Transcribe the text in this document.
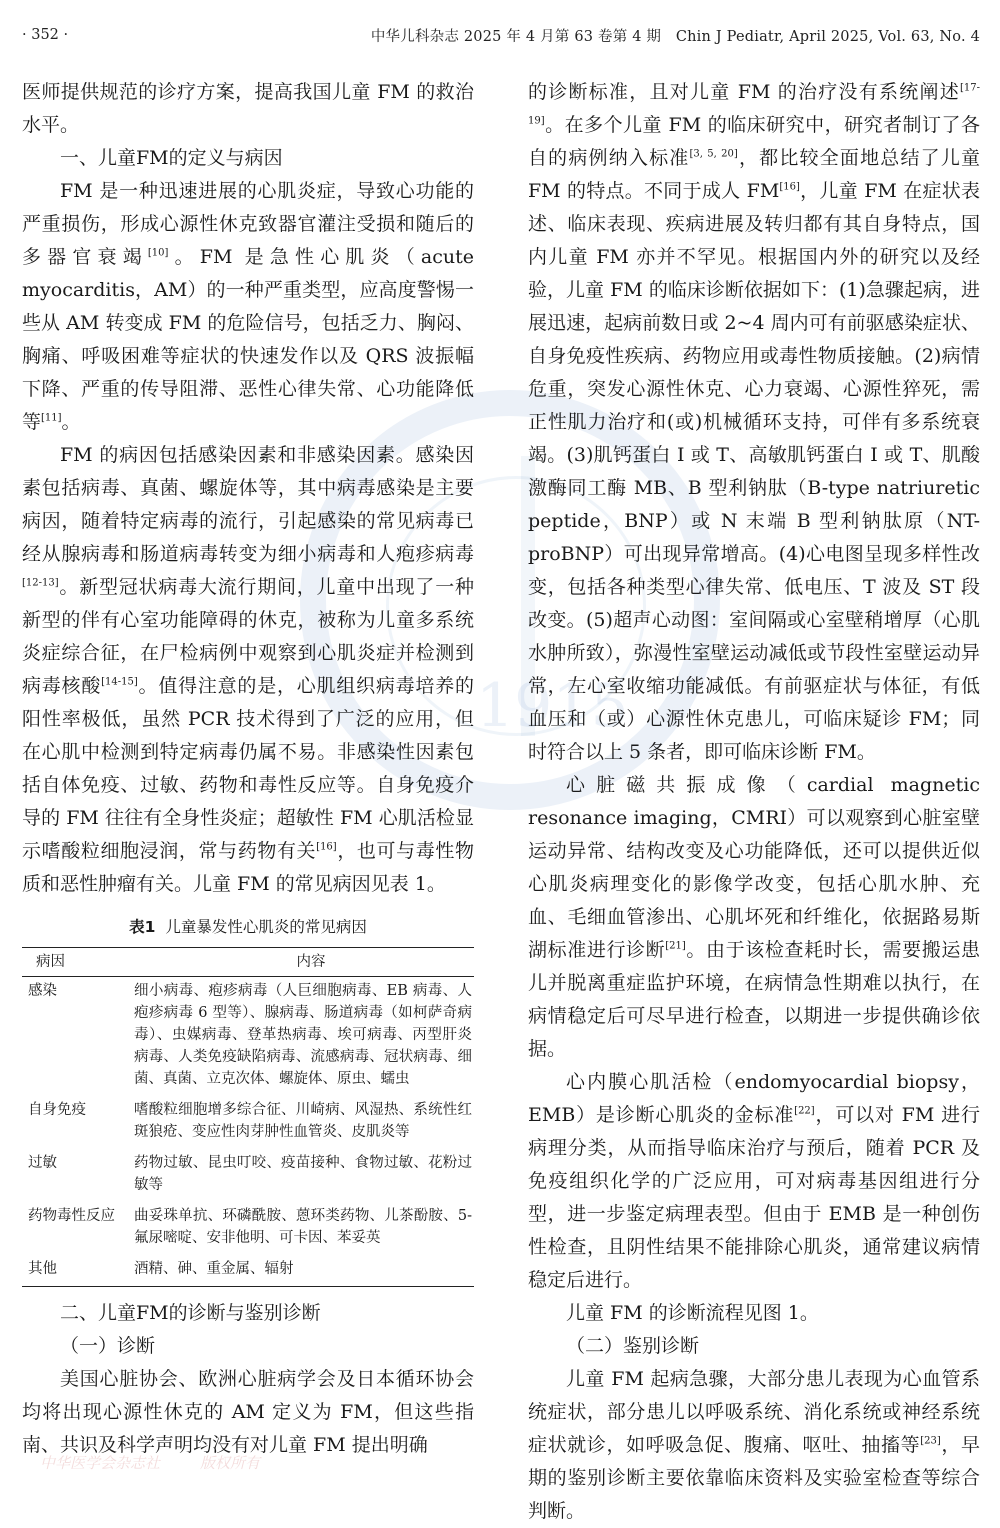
1915
· 352 ·	中华儿科杂志 2025 年 4 月第 63 卷第 4 期　Chin J Pediatr, April 2025, Vol. 63, No. 4

医师提供规范的诊疗方案，提高我国儿童 FM 的救治水平。

一、儿童FM的定义与病因

FM 是一种迅速进展的心肌炎症，导致心功能的严重损伤，形成心源性休克致器官灌注受损和随后的多器官衰竭[10]。FM 是急性心肌炎（acute myocarditis，AM）的一种严重类型，应高度警惕一些从 AM 转变成 FM 的危险信号，包括乏力、胸闷、胸痛、呼吸困难等症状的快速发作以及 QRS 波振幅下降、严重的传导阻滞、恶性心律失常、心功能降低等[11]。

FM 的病因包括感染因素和非感染因素。感染因素包括病毒、真菌、螺旋体等，其中病毒感染是主要病因，随着特定病毒的流行，引起感染的常见病毒已经从腺病毒和肠道病毒转变为细小病毒和人疱疹病毒[12-13]。新型冠状病毒大流行期间，儿童中出现了一种新型的伴有心室功能障碍的休克，被称为儿童多系统炎症综合征，在尸检病例中观察到心肌炎症并检测到病毒核酸[14-15]。值得注意的是，心肌组织病毒培养的阳性率极低，虽然 PCR 技术得到了广泛的应用，但在心肌中检测到特定病毒仍属不易。非感染性因素包括自体免疫、过敏、药物和毒性反应等。自身免疫介导的 FM 往往有全身性炎症；超敏性 FM 心肌活检显示嗜酸粒细胞浸润，常与药物有关[16]，也可与毒性物质和恶性肿瘤有关。儿童 FM 的常见病因见表 1。

表1 儿童暴发性心肌炎的常见病因
病因	内容
感染	细小病毒、疱疹病毒（人巨细胞病毒、EB 病毒、人疱疹病毒 6 型等）、腺病毒、肠道病毒（如柯萨奇病毒）、虫媒病毒、登革热病毒、埃可病毒、丙型肝炎病毒、人类免疫缺陷病毒、流感病毒、冠状病毒、细菌、真菌、立克次体、螺旋体、原虫、蠕虫
自身免疫	嗜酸粒细胞增多综合征、川崎病、风湿热、系统性红斑狼疮、变应性肉芽肿性血管炎、皮肌炎等
过敏	药物过敏、昆虫叮咬、疫苗接种、食物过敏、花粉过敏等
药物毒性反应	曲妥珠单抗、环磷酰胺、蒽环类药物、儿茶酚胺、5-氟尿嘧啶、安非他明、可卡因、苯妥英
其他	酒精、砷、重金属、辐射
二、儿童FM的诊断与鉴别诊断
（一）诊断

美国心脏协会、欧洲心脏病学会及日本循环协会均将出现心源性休克的 AM 定义为 FM，但这些指南、共识及科学声明均没有对儿童 FM 提出明确

的诊断标准，且对儿童 FM 的治疗没有系统阐述[17-19]。在多个儿童 FM 的临床研究中，研究者制订了各自的病例纳入标准[3, 5, 20]，都比较全面地总结了儿童 FM 的特点。不同于成人 FM[16]，儿童 FM 在症状表述、临床表现、疾病进展及转归都有其自身特点，国内儿童 FM 亦并不罕见。根据国内外的研究以及经验，儿童 FM 的临床诊断依据如下：(1)急骤起病，进展迅速，起病前数日或 2~4 周内可有前驱感染症状、自身免疫性疾病、药物应用或毒性物质接触。(2)病情危重，突发心源性休克、心力衰竭、心源性猝死，需正性肌力治疗和(或)机械循环支持，可伴有多系统衰竭。(3)肌钙蛋白 I 或 T、高敏肌钙蛋白 I 或 T、肌酸激酶同工酶 MB、B 型利钠肽（B-type natriuretic peptide，BNP）或 N 末端 B 型利钠肽原（NT-proBNP）可出现异常增高。(4)心电图呈现多样性改变，包括各种类型心律失常、低电压、T 波及 ST 段改变。(5)超声心动图：室间隔或心室壁稍增厚（心肌水肿所致），弥漫性室壁运动减低或节段性室壁运动异常，左心室收缩功能减低。有前驱症状与体征，有低血压和（或）心源性休克患儿，可临床疑诊 FM；同时符合以上 5 条者，即可临床诊断 FM。

心脏磁共振成像（cardial magnetic resonance imaging，CMRI）可以观察到心脏室壁运动异常、结构改变及心功能降低，还可以提供近似心肌炎病理变化的影像学改变，包括心肌水肿、充血、毛细血管渗出、心肌坏死和纤维化，依据路易斯湖标准进行诊断[21]。由于该检查耗时长，需要搬运患儿并脱离重症监护环境，在病情急性期难以执行，在病情稳定后可尽早进行检查，以期进一步提供确诊依据。

心内膜心肌活检（endomyocardial biopsy，EMB）是诊断心肌炎的金标准[22]，可以对 FM 进行病理分类，从而指导临床治疗与预后，随着 PCR 及免疫组织化学的广泛应用，可对病毒基因组进行分型，进一步鉴定病理表型。但由于 EMB 是一种创伤性检查，且阴性结果不能排除心肌炎，通常建议病情稳定后进行。

儿童 FM 的诊断流程见图 1。

（二）鉴别诊断

儿童 FM 起病急骤，大部分患儿表现为心血管系统症状，部分患儿以呼吸系统、消化系统或神经系统症状就诊，如呼吸急促、腹痛、呕吐、抽搐等[23]，早期的鉴别诊断主要依靠临床资料及实验室检查等综合判断。

中华医学会杂志社	版权所有
